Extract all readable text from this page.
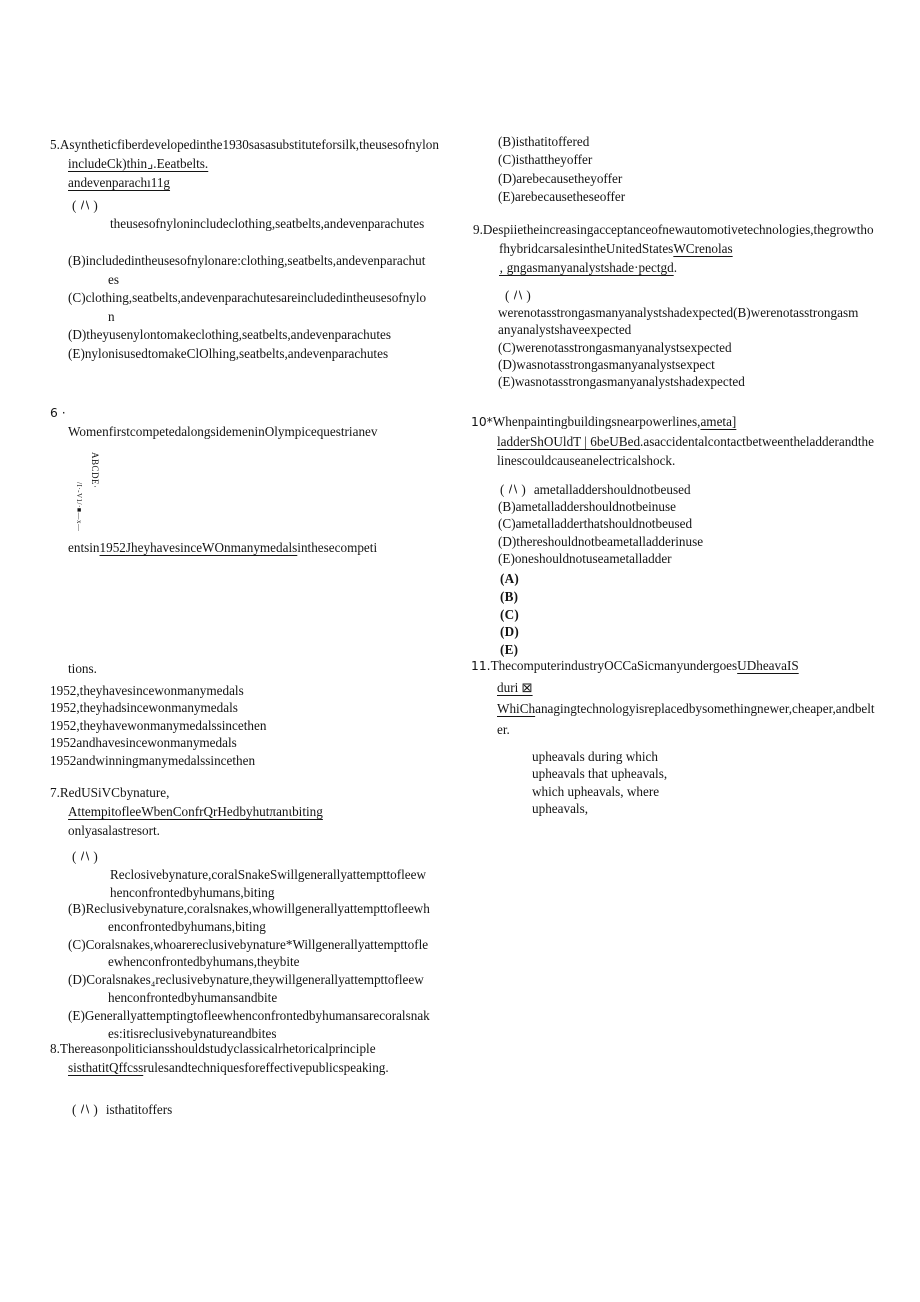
5.Asyntheticfiberdevelopedinthe1930sasasubstituteforsilk,theusesofnylonincludeCk)thin⌟.Eeatbelts.
andevenparachı11g
(  )
theusesofnylonincludeclothing,seatbelts,andevenparachutes
(B)includedintheusesofnylonare:clothing,seatbelts,andevenparachutes
(C)clothing,seatbelts,andevenparachutesareincludedintheusesofnylon
(D)theyusenylontomakeclothing,seatbelts,andevenparachutes
(E)nylonisusedtomakeClOlhing,seatbelts,andevenparachutes
6 ·
WomenfirstcompetedalongsidemeninOlympicequestrianev
ABCDE·
/Ι·-V1/·■—x—
entsin1952JheyhavesinceWOnmanymedalsinthesecompeti
tions.
1952,theyhavesincewonmanymedals
1952,theyhadsincewonmanymedals
1952,theyhavewonmanymedalssincethen
1952andhavesincewonmanymedals
1952andwinningmanymedalssincethen
7.RedUSiVCbynature,
AttempitofleeWbenConfrQrHedbyhutπanιbiting
onlyasalastresort.
(  )
Reclosivebynature,coralSnakeSwillgenerallyattempttofleewhenconfrontedbyhumans,biting
(B)Reclusivebynature,coralsnakes,whowillgenerallyattempttofleewhenconfrontedbyhumans,biting
(C)Coralsnakes,whoarereclusivebynature*Willgenerallyattempttofleewhenconfrontedbyhumans,theybite
(D)Coralsnakes₄reclusivebynature,theywillgenerallyattempttofleewhenconfrontedbyhumansandbite
(E)Generallyattemptingtofleewhenconfrontedbyhumansarecoralsnakes:itisreclusivebynatureandbites
8.Thereasonpoliticiansshouldstudyclassicalrhetoricalprinciple
sisthatitQffcssrulesandtechniquesforeffectivepublicspeaking.
(  )isthatitoffers
(B)isthatitoffered
(C)isthattheyoffer
(D)arebecausetheyoffer
(E)arebecausetheseoffer
9.Despiietheincreasingacceptanceofnewautomotivetechnologies,thegrowthofhybridcarsalesintheUnitedStatesWCrenolas
‚ gngasmanyanalystshade·pectgd.
(  )
werenotasstrongasmanyanalystshadexpected(B)werenotasstrongasmanyanalystshaveexpected
(C)werenotasstrongasmanyanalystsexpected
(D)wasnotasstrongasmanyanalystsexpect
(E)wasnotasstrongasmanyanalystshadexpected
10*Whenpaintingbuildingsnearpowerlines,ameta]
ladderShOUldT | 6beUBed.asaccidentalcontactbetweentheladderandthelinescouldcauseanelectricalshock.
(  )ametalladdershouldnotbeused
(B)ametalladdershouldnotbeinuse
(C)ametalladderthatshouldnotbeused
(D)thereshouldnotbeametalladderinuse
(E)oneshouldnotuseametalladder
(A)
(B)
(C)
(D)
(E)
11.ThecomputerindustryOCCaSicmanyundergoesUDheavaIS
duri ⊠
WhiChanagingtechnologyisreplacedbysomethingnewer,cheaper,andbelter.
upheavals during which
upheavals that upheavals,
which upheavals, where
upheavals,
